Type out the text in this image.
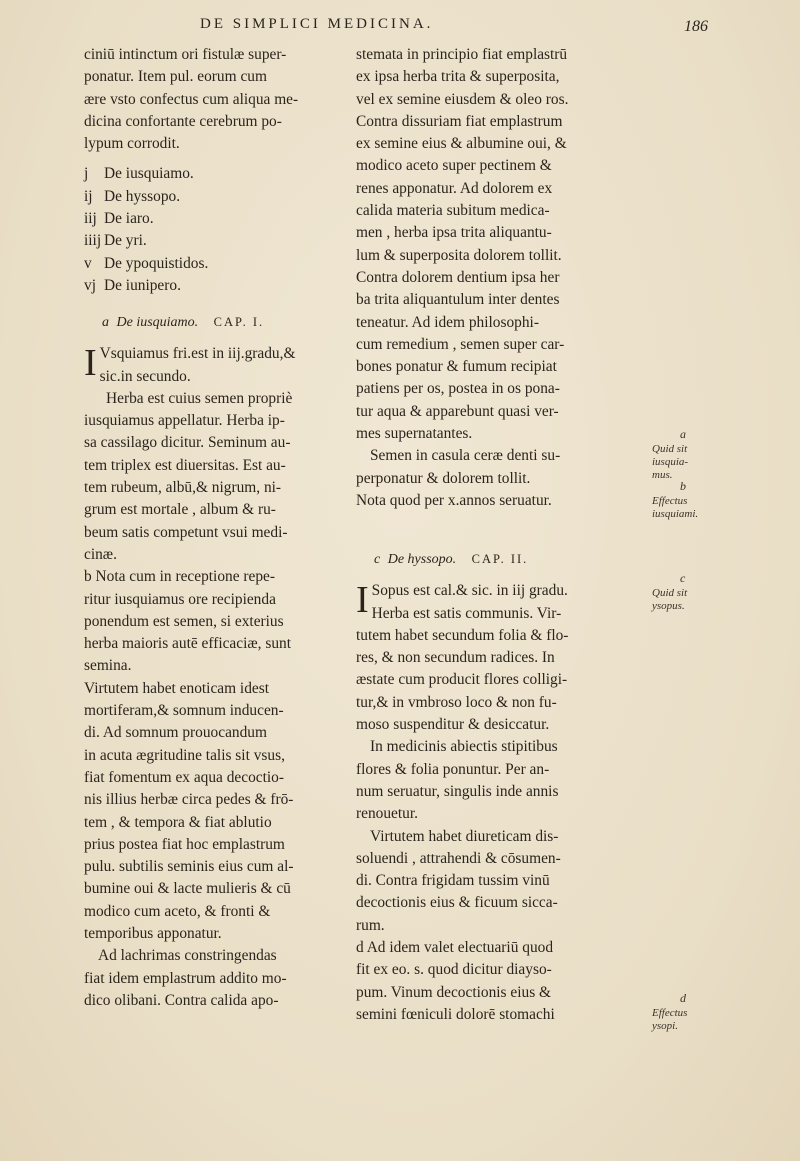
DE SIMPLICI MEDICINA.	186
ciniū intinctum ori fistulæ super-
ponatur. Item pul. eorum cum
ære vsto confectus cum aliqua me-
dicina confortante cerebrum po-
lypum corrodit.
j De iusquiamo.
ij De hyssopo.
iij De iaro.
iiij De yri.
v De ypoquistidos.
vj De iunipero.
a De iusquiamo. CAP. I.
I Vsquiamus fri.est in iij.gradu,&
sic.in secundo.
Herba est cuius semen propriè
iusquiamus appellatur. Herba ip-
sa cassilago dicitur. Seminum au-
tem triplex est diuersitas. Est au-
tem rubeum, albū,& nigrum, ni-
grum est mortale , album & ru-
beum satis competunt vsui medi-
cinæ.
b Nota cum in receptione repe-
ritur iusquiamus ore recipienda
ponendum est semen, si exterius
herba maioris autē efficaciæ, sunt
semina.
Virtutem habet enoticam idest
mortiferam,& somnum inducen-
di. Ad somnum prouocandum
in acuta ægritudine talis sit vsus,
fiat fomentum ex aqua decoctio-
nis illius herbæ circa pedes & frō-
tem , & tempora & fiat ablutio
prius postea fiat hoc emplastrum
pulu. subtilis seminis eius cum al-
bumine oui & lacte mulieris & cū
modico cum aceto, & fronti &
temporibus apponatur.
Ad lachrimas constringendas
fiat idem emplastrum addito mo-
dico olibani. Contra calida apo-
stemata in principio fiat emplastrū
ex ipsa herba trita & superposita,
vel ex semine eiusdem & oleo ros.
Contra dissuriam fiat emplastrum
ex semine eius & albumine oui, &
modico aceto super pectinem &
renes apponatur. Ad dolorem ex
calida materia subitum medica-
men , herba ipsa trita aliquantu-
lum & superposita dolorem tollit.
Contra dolorem dentium ipsa her
ba trita aliquantulum inter dentes
teneatur. Ad idem philosophi-
cum remedium , semen super car-
bones ponatur & fumum recipiat
patiens per os, postea in os pona-
tur aqua & apparebunt quasi ver-
mes supernatantes.
Semen in casula ceræ denti su-
perponatur & dolorem tollit.
Nota quod per x.annos seruatur.
c De hyssopo. CAP. II.
I Sopus est cal.& sic. in iij gradu.
Herba est satis communis. Vir-
tutem habet secundum folia & flo-
res, & non secundum radices. In
æstate cum producit flores colligi-
tur,& in vmbroso loco & non fu-
moso suspenditur & desiccatur.
In medicinis abiectis stipitibus
flores & folia ponuntur. Per an-
num seruatur, singulis inde annis
renouetur.
Virtutem habet diureticam dis-
soluendi , attrahendi & cōsumen-
di. Contra frigidam tussim vinū
decoctionis eius & ficuum sicca-
rum.
d Ad idem valet electuariū quod
fit ex eo. s. quod dicitur diayso-
pum. Vinum decoctionis eius &
semini fœniculi dolorē stomachi
a
Quid sit
iusquia-
mus.
b
Effectus
iusquiami.
c
Quid sit
ysopus.
d
Effectus
ysopi.
